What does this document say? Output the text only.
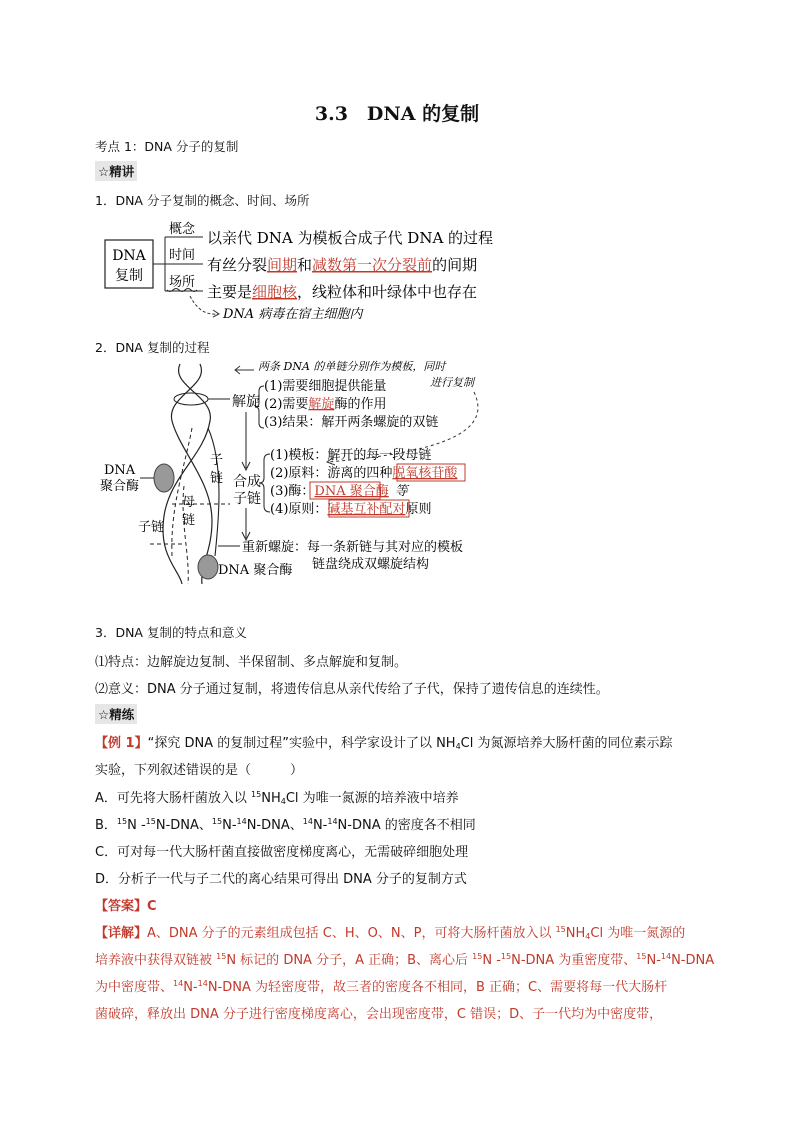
3.3　DNA 的复制
考点 1：DNA 分子的复制
☆精讲
1．DNA 分子复制的概念、时间、场所
DNA
复制
概念
时间
场所
以亲代 DNA 为模板合成子代 DNA 的过程
有丝分裂间期和减数第一次分裂前的间期
主要是细胞核，线粒体和叶绿体中也存在
DNA 病毒在宿主细胞内
2．DNA 复制的过程
DNA
聚合酶
DNA 聚合酶
子
链
母
链
子链
解旋
合成
子链
(1)需要细胞提供能量
(2)需要解旋酶的作用
(3)结果：解开两条螺旋的双链
(1)模板：解开的每一段母链
(2)原料：游离的四种脱氧核苷酸
(3)酶：DNA 聚合酶 等
(4)原则：碱基互补配对原则
重新螺旋：每一条新链与其对应的模板
链盘绕成双螺旋结构
两条 DNA 的单链分别作为模板，同时
进行复制
3．DNA 复制的特点和意义
⑴特点：边解旋边复制、半保留制、多点解旋和复制。
⑵意义：DNA 分子通过复制，将遗传信息从亲代传给了子代，保持了遗传信息的连续性。
☆精练
【例 1】“探究 DNA 的复制过程”实验中，科学家设计了以 $NH_4Cl$ 为氮源培养大肠杆菌的同位素示踪
实验，下列叙述错误的是（　　　）
A．可先将大肠杆菌放入以 $^{15}NH_4Cl$ 为唯一氮源的培养液中培养
B．$^{15}$N -$^{15}$N-DNA、$^{15}$N-$^{14}$N-DNA、$^{14}$N-$^{14}$N-DNA 的密度各不相同
C．可对每一代大肠杆菌直接做密度梯度离心，无需破碎细胞处理
D．分析子一代与子二代的离心结果可得出 DNA 分子的复制方式
【答案】C
【详解】A、DNA 分子的元素组成包括 C、H、O、N、P，可将大肠杆菌放入以 $^{15}NH_4Cl$ 为唯一氮源的
培养液中获得双链被 $^{15}$N 标记的 DNA 分子，A 正确；B、离心后 $^{15}$N -$^{15}$N-DNA 为重密度带、$^{15}$N-$^{14}$N-DNA
为中密度带、$^{14}$N-$^{14}$N-DNA 为轻密度带，故三者的密度各不相同，B 正确；C、需要将每一代大肠杆
菌破碎，释放出 DNA 分子进行密度梯度离心，会出现密度带，C 错误；D、子一代均为中密度带，
